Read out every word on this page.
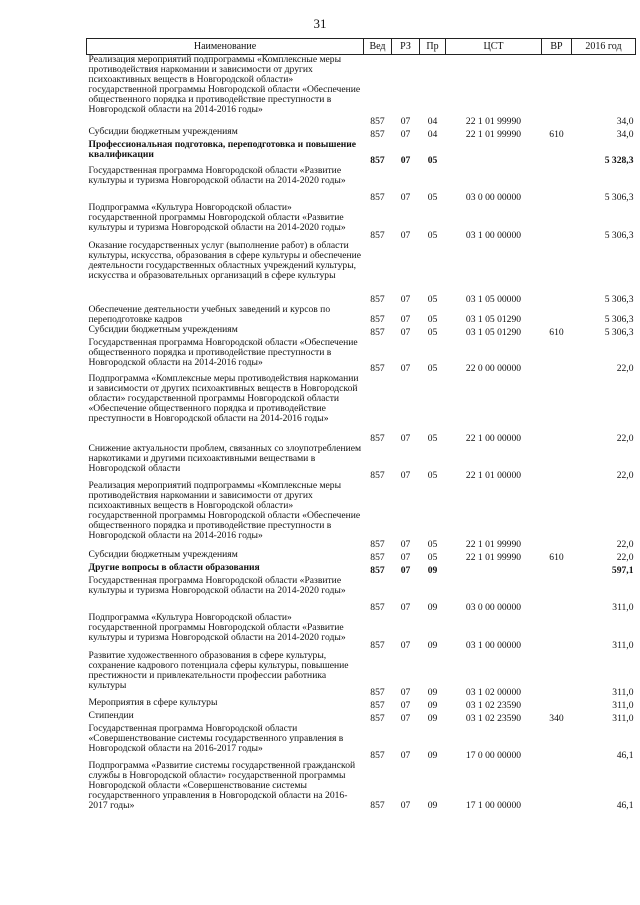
31
Наименование	Вед	РЗ	Пр	ЦСТ	ВР	2016 год
Реализация мероприятий подпрограммы «Комплексные меры противодействия наркомании и зависимости от других психоактивных веществ в Новгородской области» государственной программы Новгородской области «Обеспечение общественного порядка и противодействие преступности в Новгородской области на 2014-2016 годы»	857	07	04	22 1 01 99990		34,0
Субсидии бюджетным учреждениям	857	07	04	22 1 01 99990	610	34,0
Профессиональная подготовка, переподготовка и повышение квалификации	857	07	05			5 328,3
Государственная программа Новгородской области «Развитие культуры и туризма Новгородской области на 2014-2020 годы»	857	07	05	03 0 00 00000		5 306,3
Подпрограмма «Культура Новгородской области» государственной программы Новгородской области «Развитие культуры и туризма Новгородской области на 2014-2020 годы»	857	07	05	03 1 00 00000		5 306,3
Оказание государственных услуг (выполнение работ) в области культуры, искусства, образования в сфере культуры и обеспечение деятельности государственных областных учреждений культуры, искусства и образовательных организаций в сфере культуры	857	07	05	03 1 05 00000		5 306,3
Обеспечение деятельности учебных заведений и курсов по переподготовке кадров	857	07	05	03 1 05 01290		5 306,3
Субсидии бюджетным учреждениям	857	07	05	03 1 05 01290	610	5 306,3
Государственная программа Новгородской области «Обеспечение общественного порядка и противодействие преступности в Новгородской области на 2014-2016 годы»	857	07	05	22 0 00 00000		22,0
Подпрограмма «Комплексные меры противодействия наркомании и зависимости от других психоактивных веществ в Новгородской области» государственной программы Новгородской области «Обеспечение общественного порядка и противодействие преступности в Новгородской области на 2014-2016 годы»	857	07	05	22 1 00 00000		22,0
Снижение актуальности проблем, связанных со злоупотреблением наркотиками и другими психоактивными веществами в Новгородской области	857	07	05	22 1 01 00000		22,0
Реализация мероприятий подпрограммы «Комплексные меры противодействия наркомании и зависимости от других психоактивных веществ в Новгородской области» государственной программы Новгородской области «Обеспечение общественного порядка и противодействие преступности в Новгородской области на 2014-2016 годы»	857	07	05	22 1 01 99990		22,0
Субсидии бюджетным учреждениям	857	07	05	22 1 01 99990	610	22,0
Другие вопросы в области образования	857	07	09			597,1
Государственная программа Новгородской области «Развитие культуры и туризма Новгородской области на 2014-2020 годы»	857	07	09	03 0 00 00000		311,0
Подпрограмма «Культура Новгородской области» государственной программы Новгородской области «Развитие культуры и туризма Новгородской области на 2014-2020 годы»	857	07	09	03 1 00 00000		311,0
Развитие художественного образования в сфере культуры, сохранение кадрового потенциала сферы культуры, повышение престижности и привлекательности профессии работника культуры	857	07	09	03 1 02 00000		311,0
Мероприятия в сфере культуры	857	07	09	03 1 02 23590		311,0
Стипендии	857	07	09	03 1 02 23590	340	311,0
Государственная программа Новгородской области «Совершенствование системы государственного управления в Новгородской области на 2016-2017 годы»	857	07	09	17 0 00 00000		46,1
Подпрограмма «Развитие системы государственной гражданской службы в Новгородской области» государственной программы Новгородской области «Совершенствование системы государственного управления в Новгородской области на 2016-2017 годы»	857	07	09	17 1 00 00000		46,1
